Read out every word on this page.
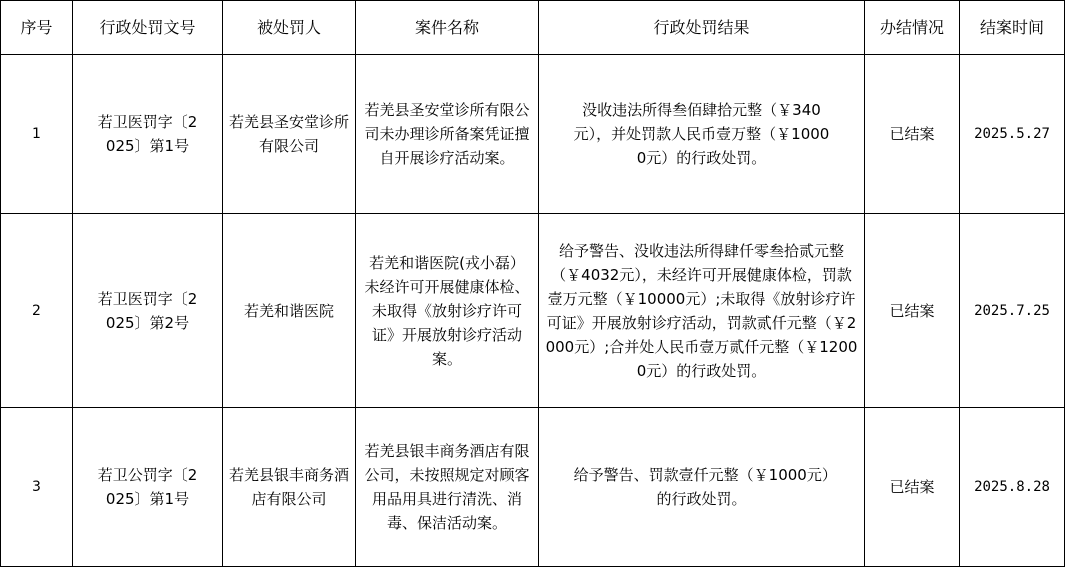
序号	行政处罚文号	被处罚人	案件名称	行政处罚结果	办结情况	结案时间
1	若卫医罚字〔2025〕第1号	若羌县圣安堂诊所有限公司	若羌县圣安堂诊所有限公司未办理诊所备案凭证擅自开展诊疗活动案。	没收违法所得叁佰肆拾元整（￥340元），并处罚款人民币壹万整（￥10000元）的行政处罚。	已结案	2025.5.27
2	若卫医罚字〔2025〕第2号	若羌和谐医院	若羌和谐医院(戎小磊）未经许可开展健康体检、未取得《放射诊疗许可证》开展放射诊疗活动案。	给予警告、没收违法所得肆仟零叁拾贰元整（￥4032元），未经许可开展健康体检，罚款壹万元整（￥10000元）;未取得《放射诊疗许可证》开展放射诊疗活动，罚款贰仟元整（￥2000元）;合并处人民币壹万贰仟元整（￥12000元）的行政处罚。	已结案	2025.7.25
3	若卫公罚字〔2025〕第1号	若羌县银丰商务酒店有限公司	若羌县银丰商务酒店有限公司，未按照规定对顾客用品用具进行清洗、消毒、保洁活动案。	给予警告、罚款壹仟元整（￥1000元）的行政处罚。	已结案	2025.8.28
